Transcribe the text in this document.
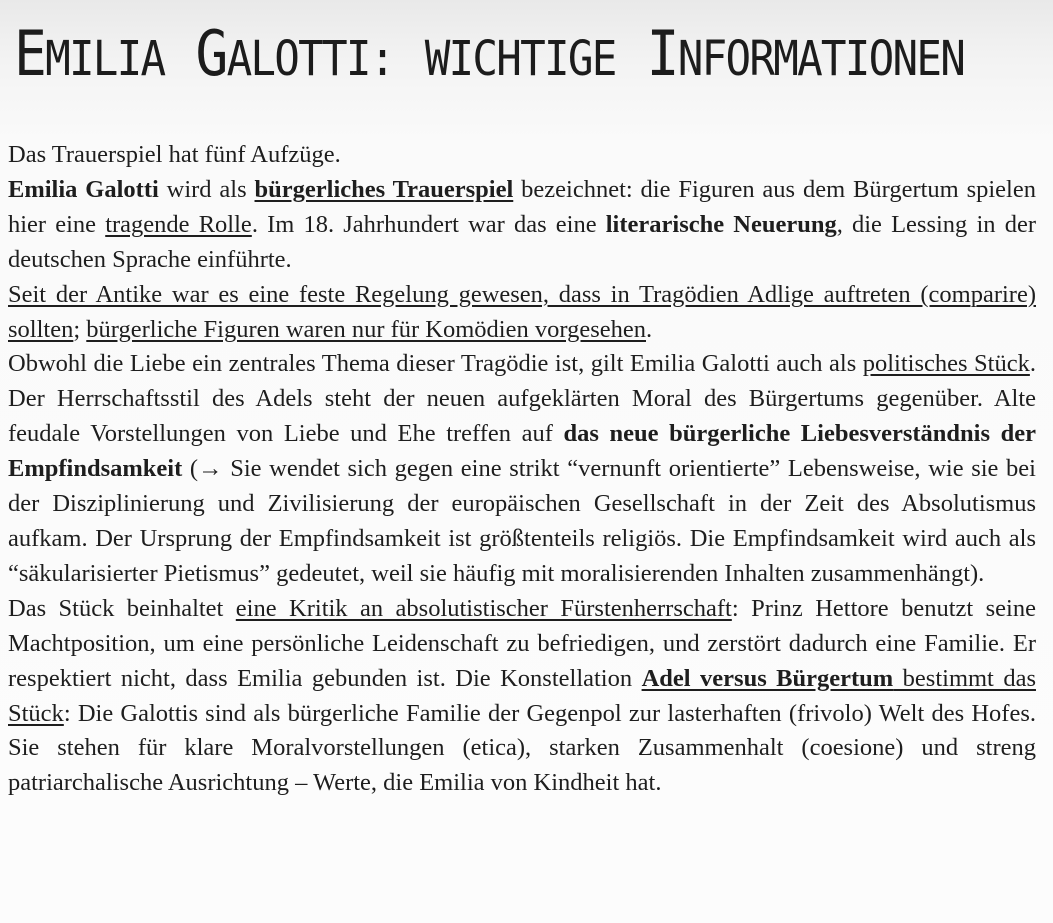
EMILIA GALOTTI: WICHTIGE INFORMATIONEN

Das Trauerspiel hat fünf Aufzüge.

Emilia Galotti wird als bürgerliches Trauerspiel bezeichnet: die Figuren aus dem Bürgertum spielen hier eine tragende Rolle. Im 18. Jahrhundert war das eine literarische Neuerung, die Lessing in der deutschen Sprache einführte.

Seit der Antike war es eine feste Regelung gewesen, dass in Tragödien Adlige auftreten (comparire) sollten; bürgerliche Figuren waren nur für Komödien vorgesehen.

Obwohl die Liebe ein zentrales Thema dieser Tragödie ist, gilt Emilia Galotti auch als politisches Stück. Der Herrschaftsstil des Adels steht der neuen aufgeklärten Moral des Bürgertums gegenüber. Alte feudale Vorstellungen von Liebe und Ehe treffen auf das neue bürgerliche Liebesverständnis der Empfindsamkeit (→ Sie wendet sich gegen eine strikt “vernunft orientierte” Lebensweise, wie sie bei der Disziplinierung und Zivilisierung der europäischen Gesellschaft in der Zeit des Absolutismus aufkam. Der Ursprung der Empfindsamkeit ist größtenteils religiös. Die Empfindsamkeit wird auch als “säkularisierter Pietismus” gedeutet, weil sie häufig mit moralisierenden Inhalten zusammenhängt).

Das Stück beinhaltet eine Kritik an absolutistischer Fürstenherrschaft: Prinz Hettore benutzt seine Machtposition, um eine persönliche Leidenschaft zu befriedigen, und zerstört dadurch eine Familie. Er respektiert nicht, dass Emilia gebunden ist. Die Konstellation Adel versus Bürgertum bestimmt das Stück: Die Galottis sind als bürgerliche Familie der Gegenpol zur lasterhaften (frivolo) Welt des Hofes. Sie stehen für klare Moralvorstellungen (etica), starken Zusammenhalt (coesione) und streng patriarchalische Ausrichtung – Werte, die Emilia von Kindheit hat.
